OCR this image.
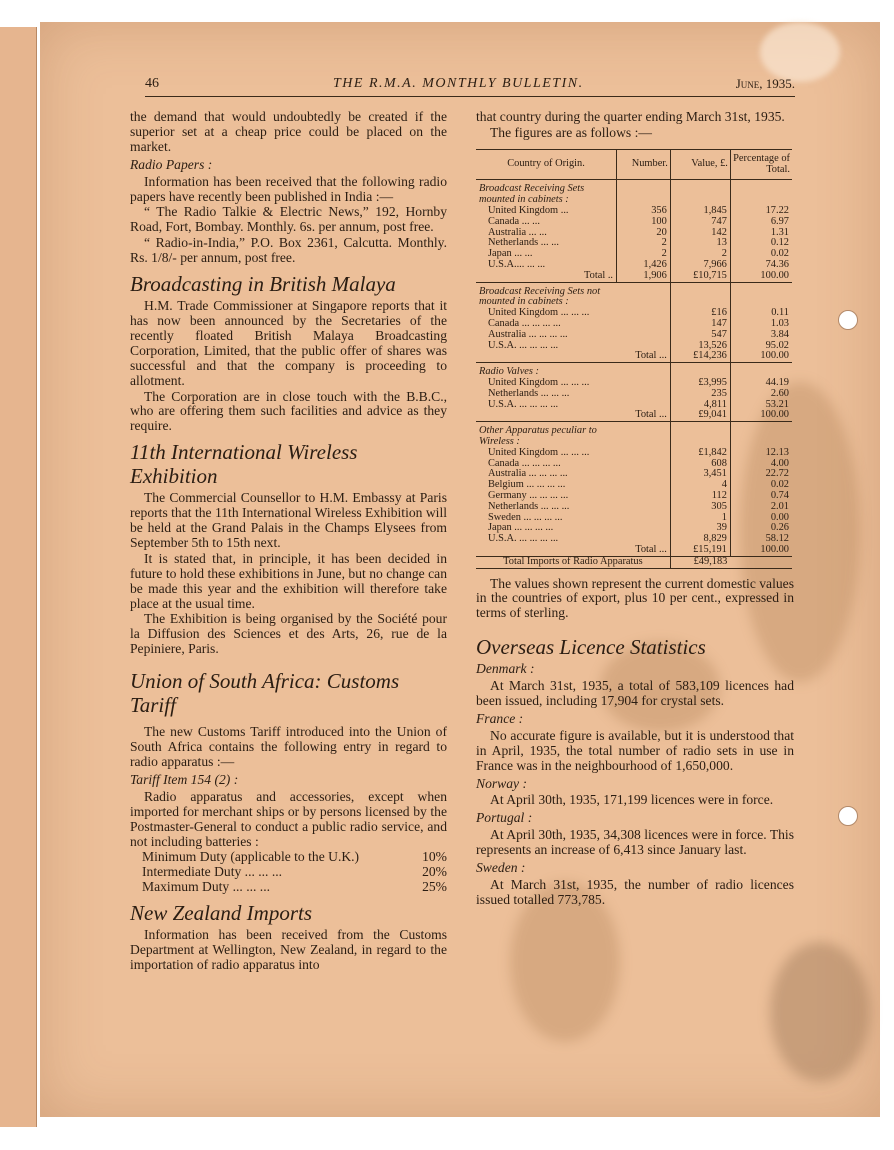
46	THE R.M.A. MONTHLY BULLETIN.	June, 1935.

the demand that would undoubtedly be created if the superior set at a cheap price could be placed on the market.

Radio Papers :

Information has been received that the following radio papers have recently been published in India :—

“ The Radio Talkie & Electric News,” 192, Hornby Road, Fort, Bombay. Monthly. 6s. per annum, post free.

“ Radio-in-India,” P.O. Box 2361, Calcutta. Monthly. Rs. 1/8/- per annum, post free.

Broadcasting in British Malaya

H.M. Trade Commissioner at Singapore reports that it has now been announced by the Secretaries of the recently floated British Malaya Broadcasting Corporation, Limited, that the public offer of shares was successful and that the company is proceeding to allotment.

The Corporation are in close touch with the B.B.C., who are offering them such facilities and advice as they require.

11th International Wireless Exhibition

The Commercial Counsellor to H.M. Embassy at Paris reports that the 11th International Wireless Exhibition will be held at the Grand Palais in the Champs Elysees from September 5th to 15th next.

It is stated that, in principle, it has been decided in future to hold these exhibitions in June, but no change can be made this year and the exhibition will therefore take place at the usual time.

The Exhibition is being organised by the Société pour la Diffusion des Sciences et des Arts, 26, rue de la Pepiniere, Paris.

Union of South Africa: Customs Tariff

The new Customs Tariff introduced into the Union of South Africa contains the following entry in regard to radio apparatus :—

Tariff Item 154 (2) :

Radio apparatus and accessories, except when imported for merchant ships or by persons licensed by the Postmaster-General to conduct a public radio service, and not including batteries :

Minimum Duty (applicable to the U.K.)	10%
Intermediate Duty ... ... ...	20%
Maximum Duty ... ... ...	25%
New Zealand Imports

Information has been received from the Customs Department at Wellington, New Zealand, in regard to the importation of radio apparatus into

that country during the quarter ending March 31st, 1935.

The figures are as follows :—

Country of Origin.	Number.	Value, £.	Percentage of Total.
Broadcast Receiving Sets mounted in cabinets :			
United Kingdom ...	356	1,845	17.22
Canada ... ...	100	747	6.97
Australia ... ...	20	142	1.31
Netherlands ... ...	2	13	0.12
Japan ... ...	2	2	0.02
U.S.A.... ... ...	1,426	7,966	74.36
Total ..	1,906	£10,715	100.00
Broadcast Receiving Sets not mounted in cabinets :			
United Kingdom ... ... ...		£16	0.11
Canada ... ... ... ...		147	1.03
Australia ... ... ... ...		547	3.84
U.S.A. ... ... ... ...		13,526	95.02
Total ...		£14,236	100.00
Radio Valves :			
United Kingdom ... ... ...		£3,995	44.19
Netherlands ... ... ...		235	2.60
U.S.A. ... ... ... ...		4,811	53.21
Total ...		£9,041	100.00
Other Apparatus peculiar to Wireless :			
United Kingdom ... ... ...		£1,842	12.13
Canada ... ... ... ...		608	4.00
Australia ... ... ... ...		3,451	22.72
Belgium ... ... ... ...		4	0.02
Germany ... ... ... ...		112	0.74
Netherlands ... ... ...		305	2.01
Sweden ... ... ... ...		1	0.00
Japan ... ... ... ...		39	0.26
U.S.A. ... ... ... ...		8,829	58.12
Total ...		£15,191	100.00
Total Imports of Radio Apparatus		£49,183	

The values shown represent the current domestic values in the countries of export, plus 10 per cent., expressed in terms of sterling.

Overseas Licence Statistics
Denmark :

At March 31st, 1935, a total of 583,109 licences had been issued, including 17,904 for crystal sets.

France :

No accurate figure is available, but it is understood that in April, 1935, the total number of radio sets in use in France was in the neighbourhood of 1,650,000.

Norway :

At April 30th, 1935, 171,199 licences were in force.

Portugal :

At April 30th, 1935, 34,308 licences were in force. This represents an increase of 6,413 since January last.

Sweden :

At March 31st, 1935, the number of radio licences issued totalled 773,785.
